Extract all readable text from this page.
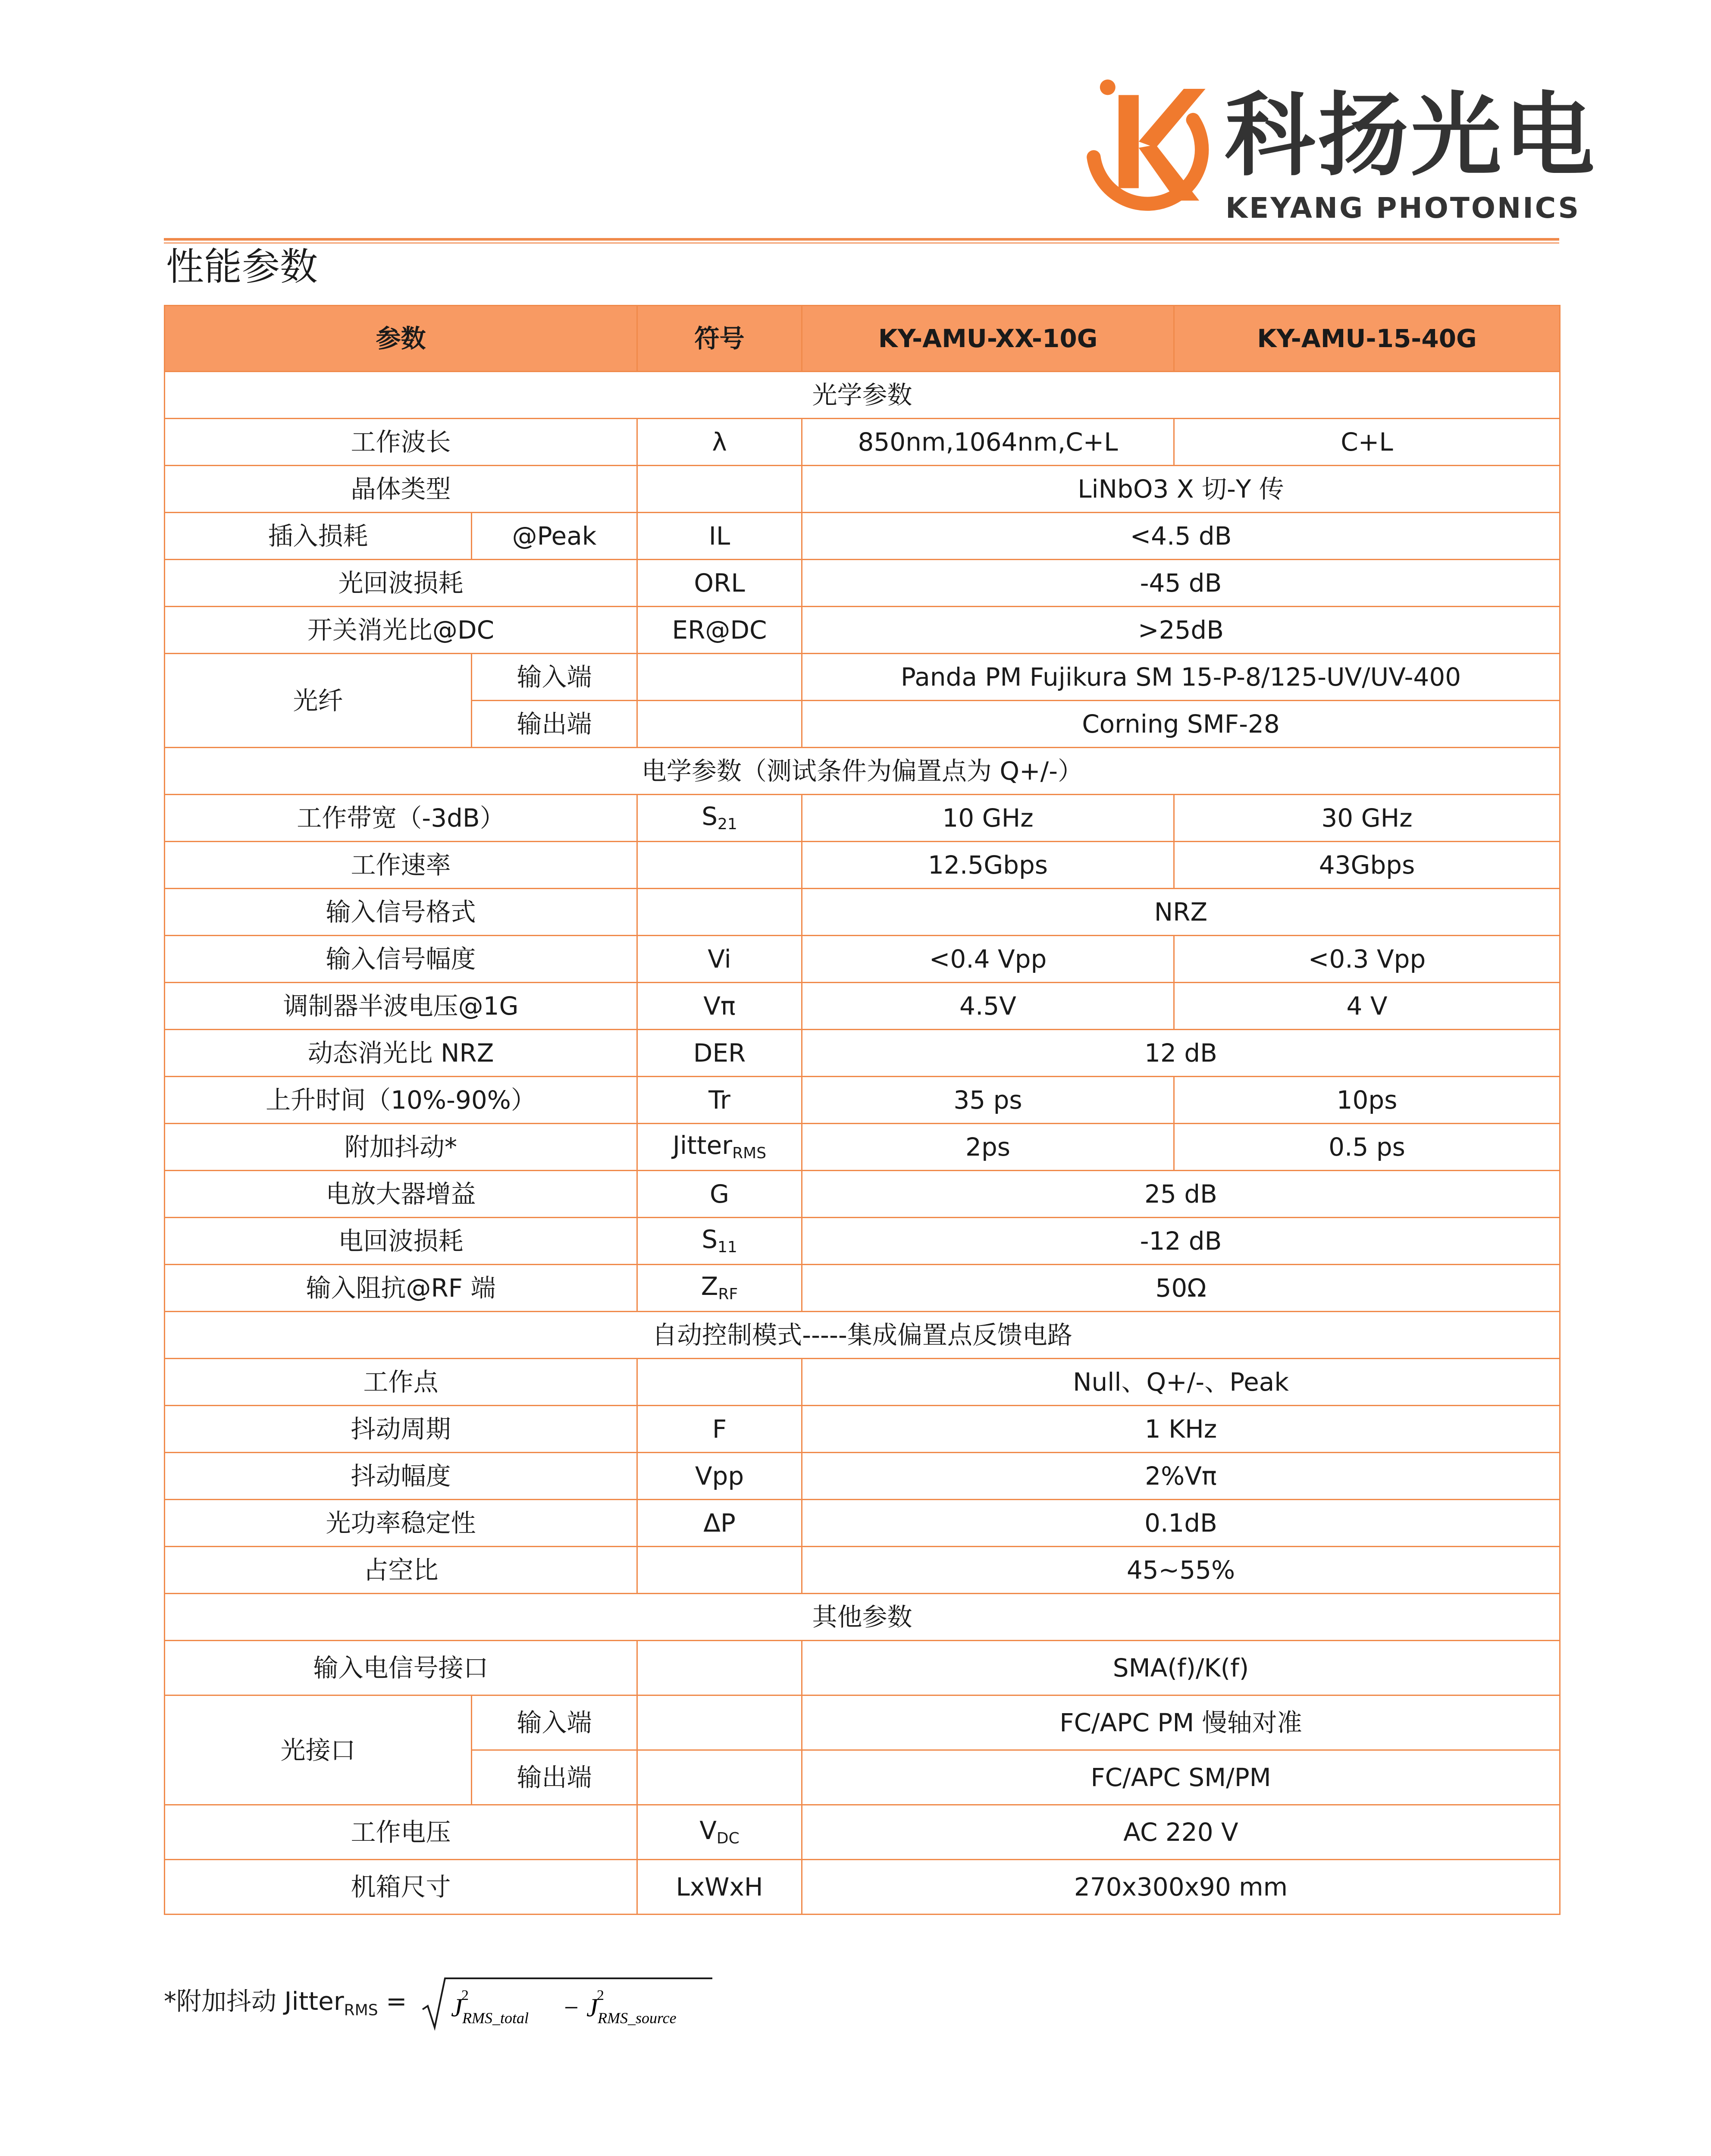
科扬光电
KEYANG PHOTONICS
性能参数
参数		符号	KY-AMU-XX-10G	KY-AMU-15-40G
光学参数				
工作波长		λ	850nm,1064nm,C+L	C+L
晶体类型			LiNbO3 X 切-Y 传	
插入损耗	@Peak	IL	<4.5 dB	
光回波损耗		ORL	-45 dB	
开关消光比@DC		ER@DC	>25dB	
光纤	输入端		Panda PM Fujikura SM 15-P-8/125-UV/UV-400	
	输出端		Corning SMF-28	
电学参数（测试条件为偏置点为 Q+/-）				
工作带宽（-3dB）		$S_{21}$	10 GHz	30 GHz
工作速率			12.5Gbps	43Gbps
输入信号格式			NRZ	
输入信号幅度		Vi	<0.4 Vpp	<0.3 Vpp
调制器半波电压@1G		Vπ	4.5V	4 V
动态消光比 NRZ		DER	12 dB	
上升时间（10%-90%）		Tr	35 ps	10ps
附加抖动*		Jitter$_{RMS}$	2ps	0.5 ps
电放大器增益		G	25 dB	
电回波损耗		$S_{11}$	-12 dB	
输入阻抗@RF 端		$Z_{RF}$	50Ω	
自动控制模式-----集成偏置点反馈电路				
工作点			Null、Q+/-、Peak	
抖动周期		F	1 KHz	
抖动幅度		Vpp	2%Vπ	
光功率稳定性		ΔP	0.1dB	
占空比			45~55%	
其他参数				
输入电信号接口			SMA(f)/K(f)	
光接口	输入端		FC/APC PM 慢轴对准	
	输出端		FC/APC SM/PM	
工作电压		$V_{DC}$	AC 220 V	
机箱尺寸		LxWxH	270x300x90 mm	
*附加抖动 Jitter$_{RMS}$ = J
2
RMS_total − J
2
RMS_source
